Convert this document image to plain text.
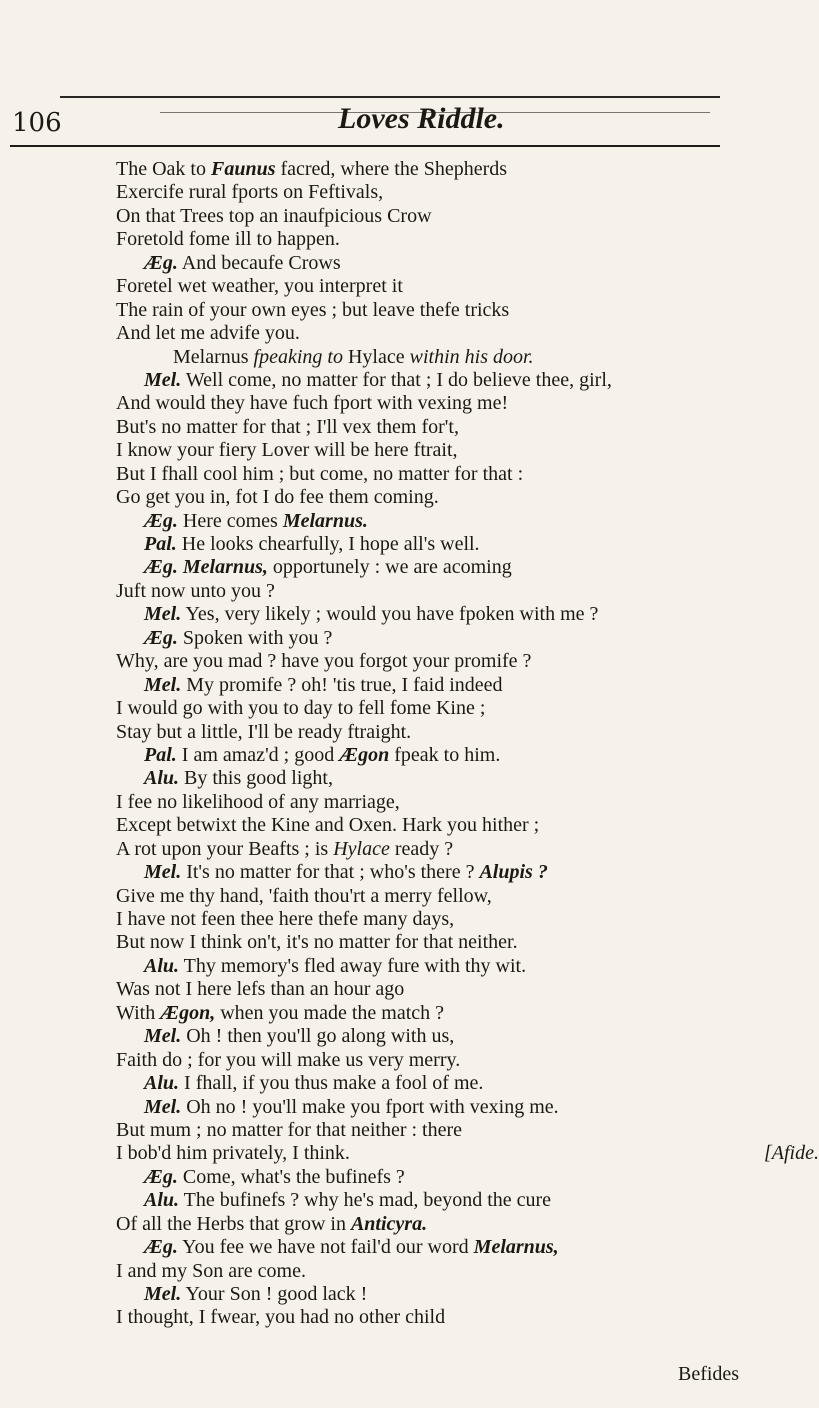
106	Loves Riddle.
The Oak to Faunus facred, where the Shepherds
Exercife rural fports on Feftivals,
On that Trees top an inaufpicious Crow
Foretold fome ill to happen.
Æg. And becaufe Crows
Foretel wet weather, you interpret it
The rain of your own eyes ; but leave thefe tricks
And let me advife you.
Melarnus fpeaking to Hylace within his door.
Mel. Well come, no matter for that ; I do believe thee, girl,
And would they have fuch fport with vexing me!
But's no matter for that ; I'll vex them for't,
I know your fiery Lover will be here ftrait,
But I fhall cool him ; but come, no matter for that :
Go get you in, fot I do fee them coming.
Æg. Here comes Melarnus.
Pal. He looks chearfully, I hope all's well.
Æg. Melarnus, opportunely : we are acoming
Juft now unto you ?
Mel. Yes, very likely ; would you have fpoken with me ?
Æg. Spoken with you ?
Why, are you mad ? have you forgot your promife ?
Mel. My promife ? oh! 'tis true, I faid indeed
I would go with you to day to fell fome Kine ;
Stay but a little, I'll be ready ftraight.
Pal. I am amaz'd ; good Ægon fpeak to him.
Alu. By this good light,
I fee no likelihood of any marriage,
Except betwixt the Kine and Oxen. Hark you hither ;
A rot upon your Beafts ; is Hylace ready ?
Mel. It's no matter for that ; who's there ? Alupis ?
Give me thy hand, 'faith thou'rt a merry fellow,
I have not feen thee here thefe many days,
But now I think on't, it's no matter for that neither.
Alu. Thy memory's fled away fure with thy wit.
Was not I here lefs than an hour ago
With Ægon, when you made the match ?
Mel. Oh ! then you'll go along with us,
Faith do ; for you will make us very merry.
Alu. I fhall, if you thus make a fool of me.
Mel. Oh no ! you'll make you fport with vexing me.
But mum ; no matter for that neither : there
I bob'd him privately, I think.	[Afide.
Æg. Come, what's the bufinefs ?
Alu. The bufinefs ? why he's mad, beyond the cure
Of all the Herbs that grow in Anticyra.
Æg. You fee we have not fail'd our word Melarnus,
I and my Son are come.
Mel. Your Son ! good lack !
I thought, I fwear, you had no other child
Befides
